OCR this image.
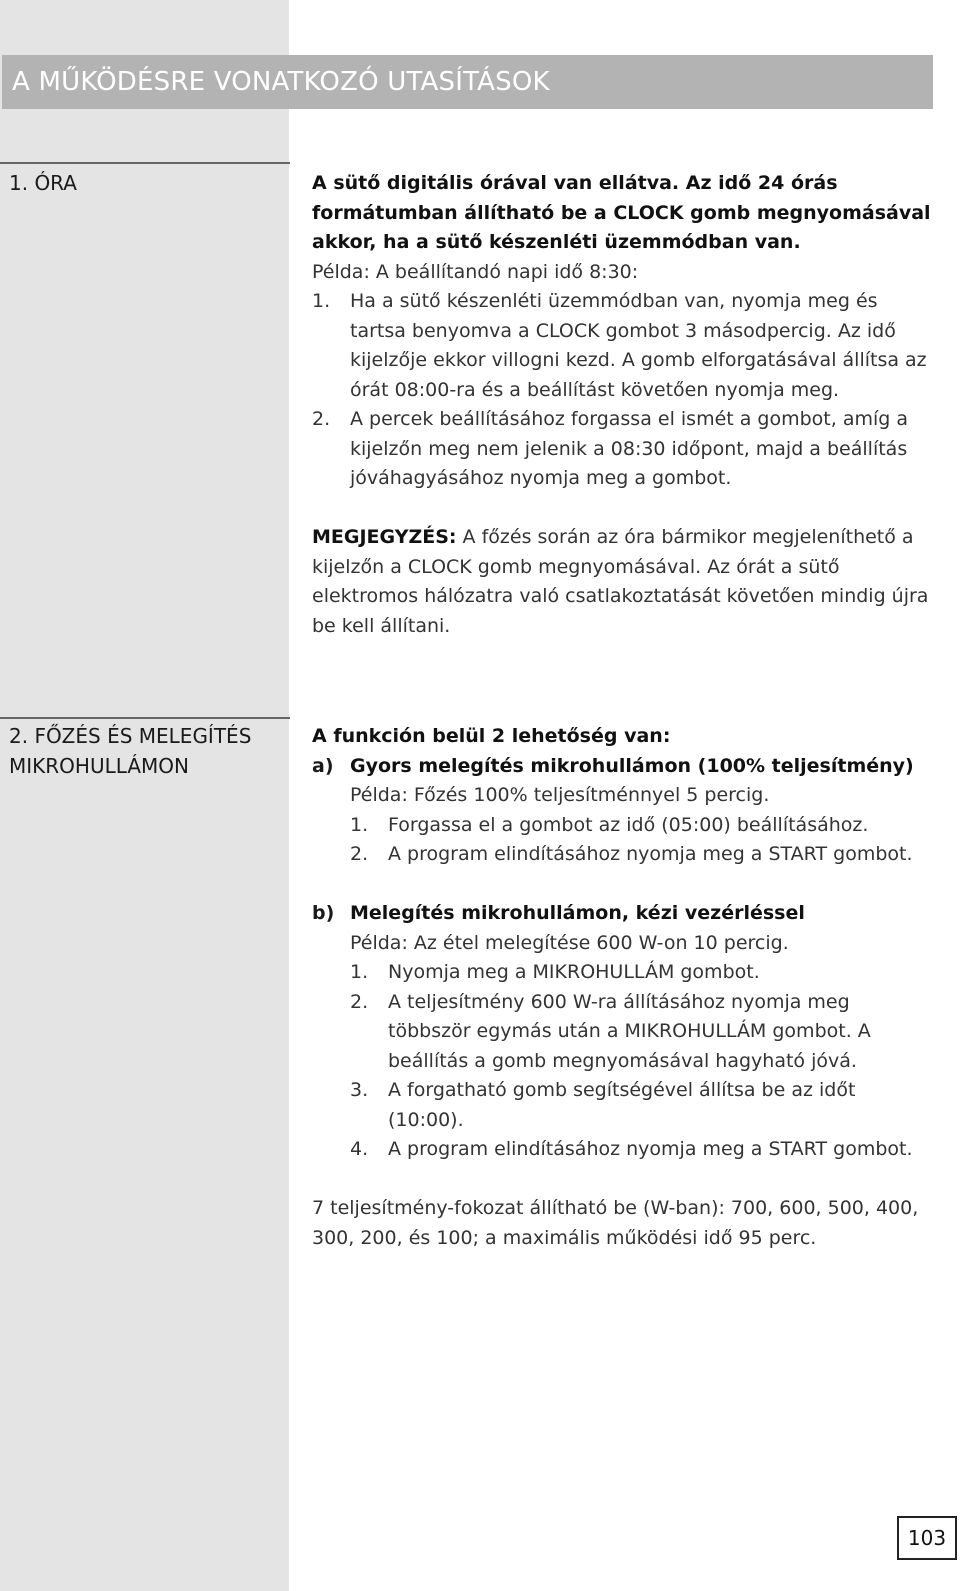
A MŰKÖDÉSRE VONATKOZÓ UTASÍTÁSOK
1. ÓRA	A sütő digitális órával van ellátva. Az idő 24 órás formátumban állítható be a CLOCK gomb megnyomásával akkor, ha a sütő készenléti üzemmódban van.

Példa: A beállítandó napi idő 8:30:

1.	Ha a sütő készenléti üzemmódban van, nyomja meg és tartsa benyomva a CLOCK gombot 3 másodpercig. Az idő kijelzője ekkor villogni kezd. A gomb elforgatásával állítsa az órát 08:00-ra és a beállítást követően nyomja meg.
2.	A percek beállításához forgassa el ismét a gombot, amíg a kijelzőn meg nem jelenik a 08:30 időpont, majd a beállítás jóváhagyásához nyomja meg a gombot.

MEGJEGYZÉS: A főzés során az óra bármikor megjeleníthető a kijelzőn a CLOCK gomb megnyomásával. Az órát a sütő elektromos hálózatra való csatlakoztatását követően mindig újra be kell állítani.

2. FŐZÉS ÉS MELEGÍTÉS
MIKROHULLÁMON

A funkción belül 2 lehetőség van:

a) Gyors melegítés mikrohullámon (100% teljesítmény)

Példa: Főzés 100% teljesítménnyel 5 percig.

1.	Forgassa el a gombot az idő (05:00) beállításához.
2.	A program elindításához nyomja meg a START gombot.
b) Melegítés mikrohullámon, kézi vezérléssel

Példa: Az étel melegítése 600 W-on 10 percig.

1.	Nyomja meg a MIKROHULLÁM gombot.
2.	A teljesítmény 600 W-ra állításához nyomja meg többször egymás után a MIKROHULLÁM gombot. A beállítás a gomb megnyomásával hagyható jóvá.
3.	A forgatható gomb segítségével állítsa be az időt (10:00).
4.	A program elindításához nyomja meg a START gombot.

7 teljesítmény-fokozat állítható be (W-ban): 700, 600, 500, 400, 300, 200, és 100; a maximális működési idő 95 perc.

103
